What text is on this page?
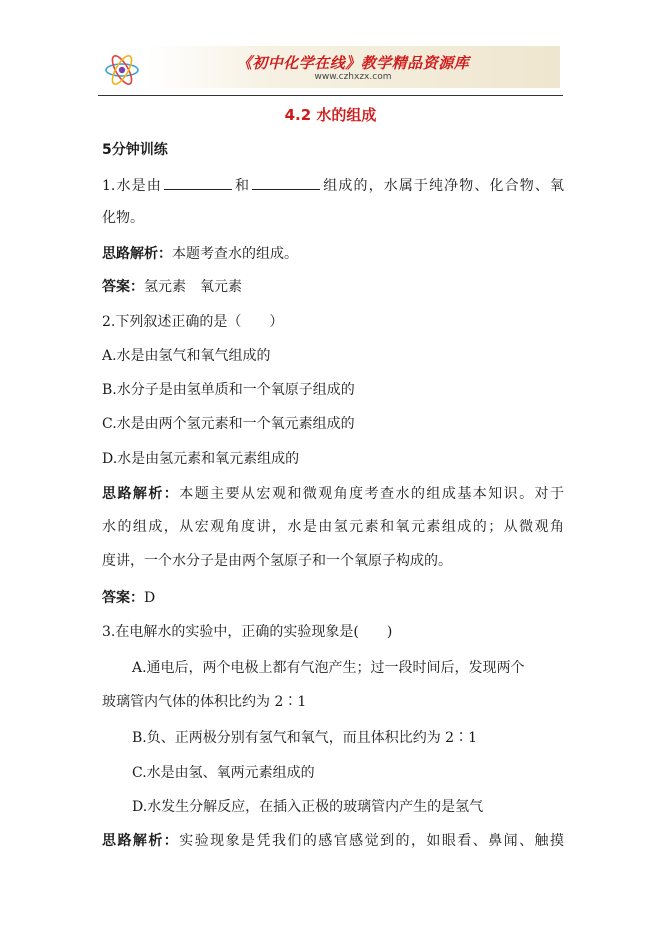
《初中化学在线》教学精品资源库
www.czhxzx.com
4.2 水的组成
5分钟训练
1.水是由	和	组成的，水属于纯净物、化合物、氧
化物。
思路解析：本题考查水的组成。
答案：氢元素　氧元素
2.下列叙述正确的是（　　）
A.水是由氢气和氧气组成的
B.水分子是由氢单质和一个氧原子组成的
C.水是由两个氢元素和一个氧元素组成的
D.水是由氢元素和氧元素组成的
思路解析：本题主要从宏观和微观角度考查水的组成基本知识。对于
水的组成，从宏观角度讲，水是由氢元素和氧元素组成的；从微观角
度讲，一个水分子是由两个氢原子和一个氧原子构成的。
答案：D
3.在电解水的实验中，正确的实验现象是(　　)
A.通电后，两个电极上都有气泡产生；过一段时间后，发现两个
玻璃管内气体的体积比约为 2∶1
B.负、正两极分别有氢气和氧气，而且体积比约为 2∶1
C.水是由氢、氧两元素组成的
D.水发生分解反应，在插入正极的玻璃管内产生的是氢气
思路解析：实验现象是凭我们的感官感觉到的，如眼看、鼻闻、触摸
